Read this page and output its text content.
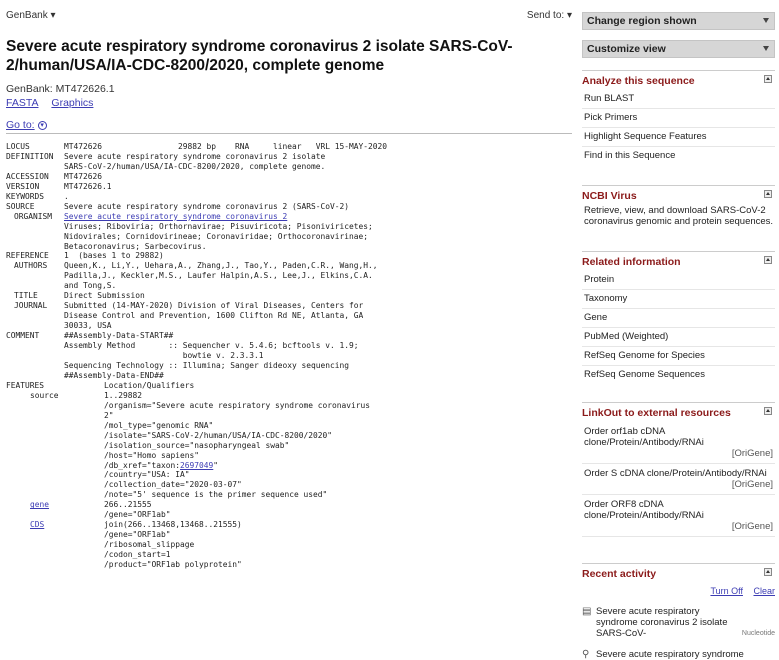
GenBank ▾	Send to: ▾
Severe acute respiratory syndrome coronavirus 2 isolate SARS-CoV-2/human/USA/IA-CDC-8200/2020, complete genome
GenBank: MT472626.1
FASTA Graphics
Go to: ▾
LOCUS	MT472626                29882 bp    RNA     linear   VRL 15-MAY-2020
DEFINITION	Severe acute respiratory syndrome coronavirus 2 isolate
SARS-CoV-2/human/USA/IA-CDC-8200/2020, complete genome.
ACCESSION	MT472626
VERSION	MT472626.1
KEYWORDS	.
SOURCE	Severe acute respiratory syndrome coronavirus 2 (SARS-CoV-2)
ORGANISM	Severe acute respiratory syndrome coronavirus 2
Viruses; Riboviria; Orthornavirae; Pisuviricota; Pisoniviricetes;
Nidovirales; Cornidovirineae; Coronaviridae; Orthocoronavirinae;
Betacoronavirus; Sarbecovirus.
REFERENCE	1  (bases 1 to 29882)
AUTHORS	Queen,K., Li,Y., Uehara,A., Zhang,J., Tao,Y., Paden,C.R., Wang,H.,
Padilla,J., Keckler,M.S., Laufer Halpin,A.S., Lee,J., Elkins,C.A.
and Tong,S.
TITLE	Direct Submission
JOURNAL	Submitted (14-MAY-2020) Division of Viral Diseases, Centers for
Disease Control and Prevention, 1600 Clifton Rd NE, Atlanta, GA
30033, USA
COMMENT	##Assembly-Data-START##
Assembly Method       :: Sequencher v. 5.4.6; bcftools v. 1.9;
bowtie v. 2.3.3.1
Sequencing Technology :: Illumina; Sanger dideoxy sequencing
##Assembly-Data-END##
FEATURES	Location/Qualifiers
source	1..29882
/organism="Severe acute respiratory syndrome coronavirus
2"
/mol_type="genomic RNA"
/isolate="SARS-CoV-2/human/USA/IA-CDC-8200/2020"
/isolation_source="nasopharyngeal swab"
/host="Homo sapiens"
/db_xref="taxon:2697049"
/country="USA: IA"
/collection_date="2020-03-07"
/note="5' sequence is the primer sequence used"
gene	266..21555
/gene="ORF1ab"
CDS	join(266..13468,13468..21555)
/gene="ORF1ab"
/ribosomal_slippage
/codon_start=1
/product="ORF1ab polyprotein"
Change region shown
Customize view
Analyze this sequence
Run BLAST
Pick Primers
Highlight Sequence Features
Find in this Sequence
NCBI Virus
Retrieve, view, and download SARS-CoV-2 coronavirus genomic and protein sequences.
Related information
Protein
Taxonomy
Gene
PubMed (Weighted)
RefSeq Genome for Species
RefSeq Genome Sequences
LinkOut to external resources
Order orf1ab cDNA clone/Protein/Antibody/RNAi
[OriGene]
Order S cDNA clone/Protein/Antibody/RNAi
[OriGene]
Order ORF8 cDNA clone/Protein/Antibody/RNAi
[OriGene]
Recent activity
Turn Off Clear
▤ Severe acute respiratory syndrome coronavirus 2 isolate SARS-CoV-	Nucleotide
⚲ Severe acute respiratory syndrome
